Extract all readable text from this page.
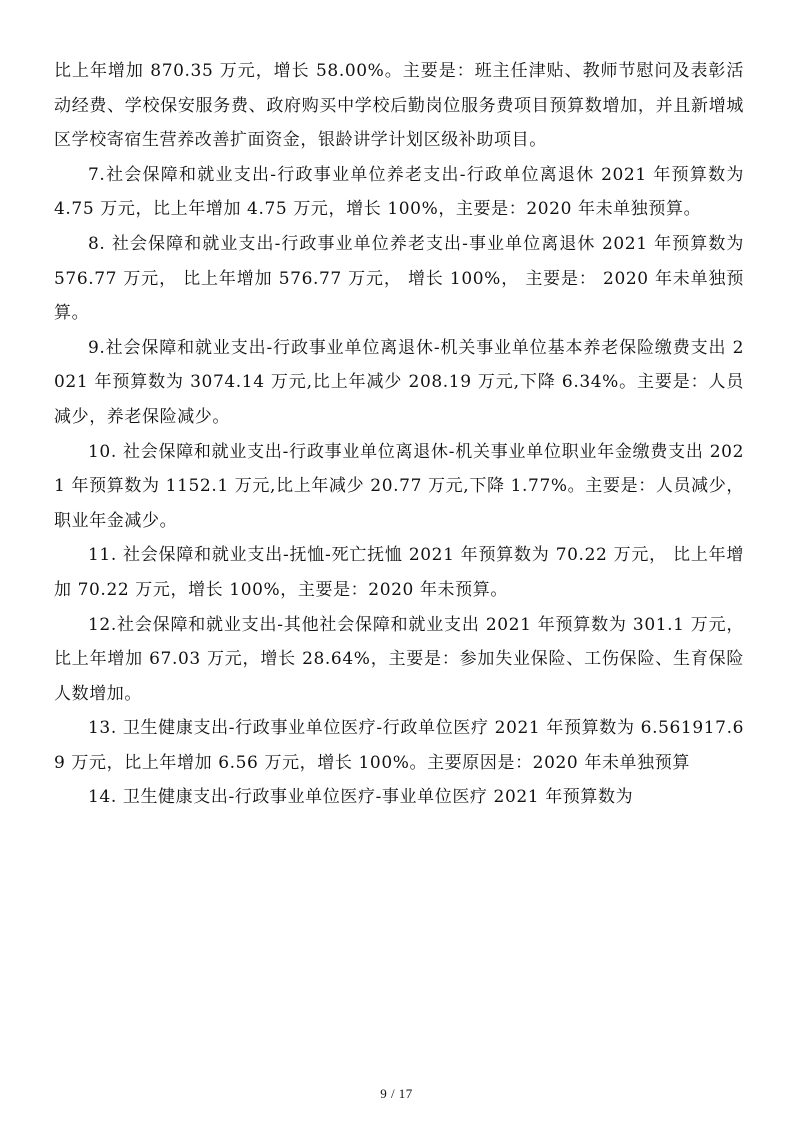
比上年增加 870.35 万元，增长 58.00%。主要是：班主任津贴、教师节慰问及表彰活动经费、学校保安服务费、政府购买中学校后勤岗位服务费项目预算数增加，并且新增城区学校寄宿生营养改善扩面资金，银龄讲学计划区级补助项目。

7.社会保障和就业支出-行政事业单位养老支出-行政单位离退休 2021 年预算数为 4.75 万元，比上年增加 4.75 万元，增长 100%，主要是：2020 年未单独预算。

8. 社会保障和就业支出-行政事业单位养老支出-事业单位离退休 2021 年预算数为 576.77 万元， 比上年增加 576.77 万元， 增长 100%， 主要是： 2020 年未单独预算。

9.社会保障和就业支出-行政事业单位离退休-机关事业单位基本养老保险缴费支出 2021 年预算数为 3074.14 万元,比上年减少 208.19 万元,下降 6.34%。主要是：人员减少，养老保险减少。

10. 社会保障和就业支出-行政事业单位离退休-机关事业单位职业年金缴费支出 2021 年预算数为 1152.1 万元,比上年减少 20.77 万元,下降 1.77%。主要是：人员减少，职业年金减少。

11. 社会保障和就业支出-抚恤-死亡抚恤 2021 年预算数为 70.22 万元， 比上年增加 70.22 万元，增长 100%，主要是：2020 年未预算。

12.社会保障和就业支出-其他社会保障和就业支出 2021 年预算数为 301.1 万元，比上年增加 67.03 万元，增长 28.64%，主要是：参加失业保险、工伤保险、生育保险人数增加。

13. 卫生健康支出-行政事业单位医疗-行政单位医疗 2021 年预算数为 6.561917.69 万元，比上年增加 6.56 万元，增长 100%。主要原因是：2020 年未单独预算

14. 卫生健康支出-行政事业单位医疗-事业单位医疗 2021 年预算数为

9 / 17
